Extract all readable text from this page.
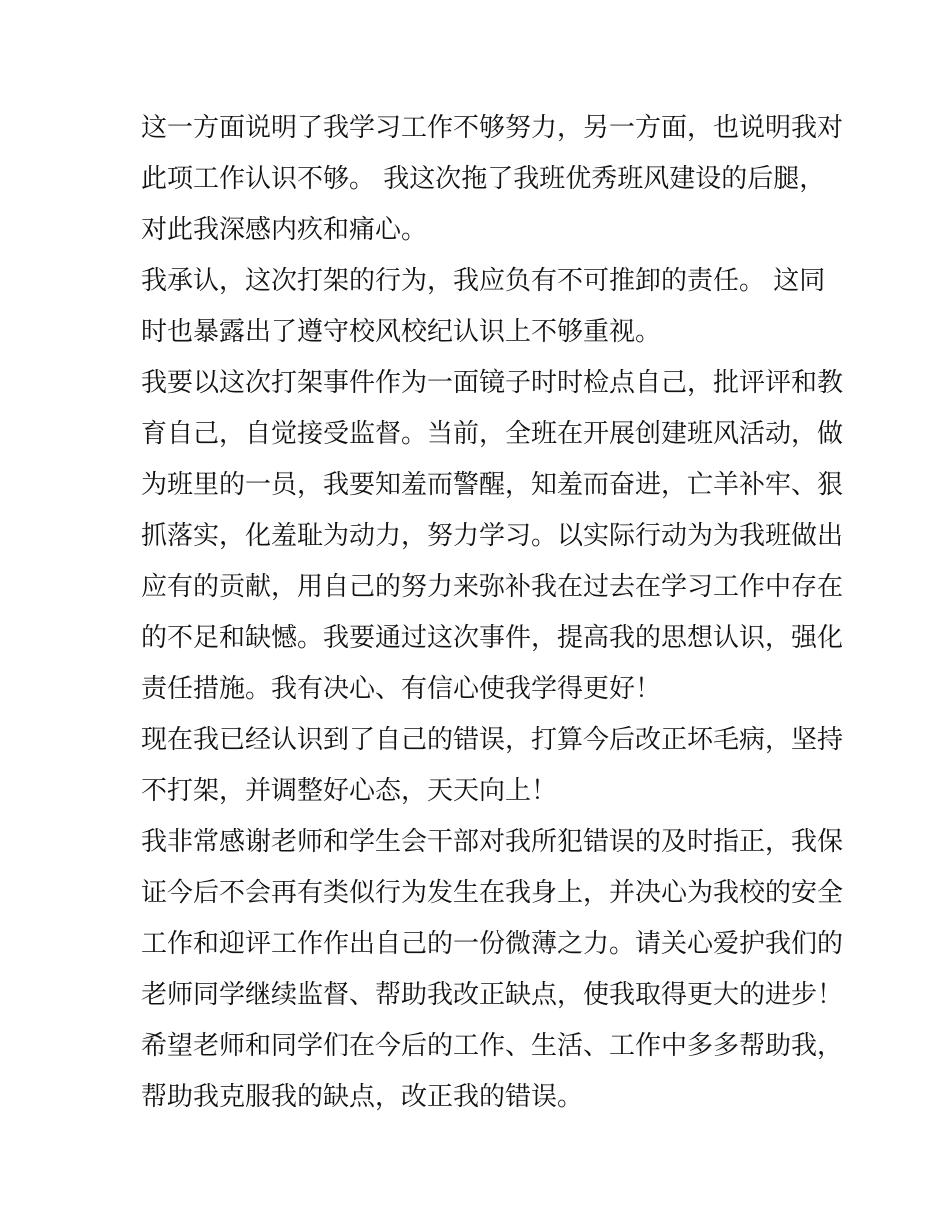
这一方面说明了我学习工作不够努力，另一方面，也说明我对
此项工作认识不够。 我这次拖了我班优秀班风建设的后腿，
对此我深感内疚和痛心。
我承认，这次打架的行为，我应负有不可推卸的责任。 这同
时也暴露出了遵守校风校纪认识上不够重视。
我要以这次打架事件作为一面镜子时时检点自己，批评评和教
育自己，自觉接受监督。当前，全班在开展创建班风活动，做
为班里的一员，我要知羞而警醒，知羞而奋进，亡羊补牢、狠
抓落实，化羞耻为动力，努力学习。以实际行动为为我班做出
应有的贡献，用自己的努力来弥补我在过去在学习工作中存在
的不足和缺憾。我要通过这次事件，提高我的思想认识，强化
责任措施。我有决心、有信心使我学得更好！
现在我已经认识到了自己的错误，打算今后改正坏毛病，坚持
不打架，并调整好心态，天天向上！
我非常感谢老师和学生会干部对我所犯错误的及时指正，我保
证今后不会再有类似行为发生在我身上，并决心为我校的安全
工作和迎评工作作出自己的一份微薄之力。请关心爱护我们的
老师同学继续监督、帮助我改正缺点，使我取得更大的进步！
希望老师和同学们在今后的工作、生活、工作中多多帮助我，
帮助我克服我的缺点，改正我的错误。
